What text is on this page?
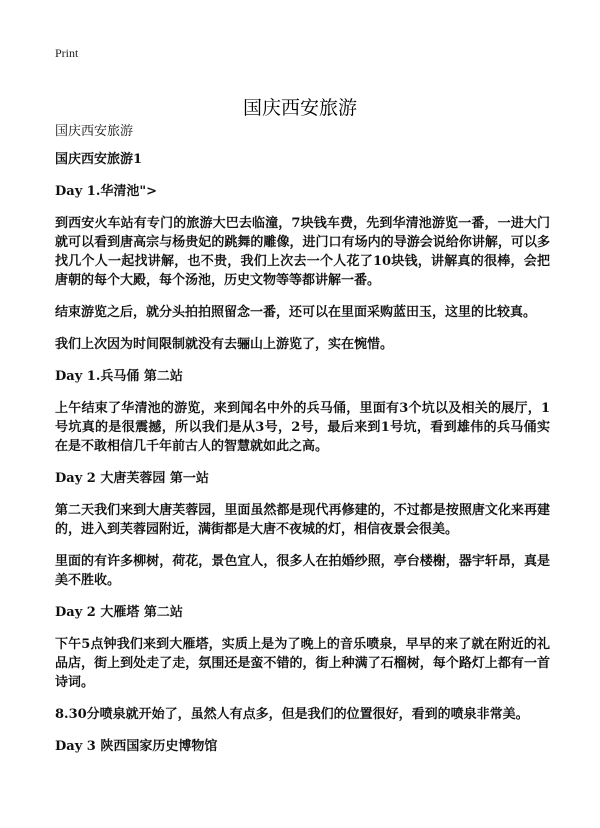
Print
国庆西安旅游
国庆西安旅游
国庆西安旅游1
Day 1.华清池">

到西安火车站有专门的旅游大巴去临潼，7块钱车费，先到华清池游览一番，一进大门就可以看到唐高宗与杨贵妃的跳舞的雕像，进门口有场内的导游会说给你讲解，可以多找几个人一起找讲解，也不贵，我们上次去一个人花了10块钱，讲解真的很棒，会把唐朝的每个大殿，每个汤池，历史文物等等都讲解一番。

结束游览之后，就分头拍拍照留念一番，还可以在里面采购蓝田玉，这里的比较真。

我们上次因为时间限制就没有去骊山上游览了，实在惋惜。

Day 1.兵马俑 第二站

上午结束了华清池的游览，来到闻名中外的兵马俑，里面有3个坑以及相关的展厅，1号坑真的是很震撼，所以我们是从3号，2号，最后来到1号坑，看到雄伟的兵马俑实在是不敢相信几千年前古人的智慧就如此之高。

Day 2 大唐芙蓉园 第一站

第二天我们来到大唐芙蓉园，里面虽然都是现代再修建的，不过都是按照唐文化来再建的，进入到芙蓉园附近，满街都是大唐不夜城的灯，相信夜景会很美。

里面的有许多柳树，荷花，景色宜人，很多人在拍婚纱照，亭台楼榭，器宇轩昂，真是美不胜收。

Day 2 大雁塔 第二站

下午5点钟我们来到大雁塔，实质上是为了晚上的音乐喷泉，早早的来了就在附近的礼品店，街上到处走了走，氛围还是蛮不错的，街上种满了石榴树，每个路灯上都有一首诗词。

8.30分喷泉就开始了，虽然人有点多，但是我们的位置很好，看到的喷泉非常美。

Day 3 陕西国家历史博物馆
